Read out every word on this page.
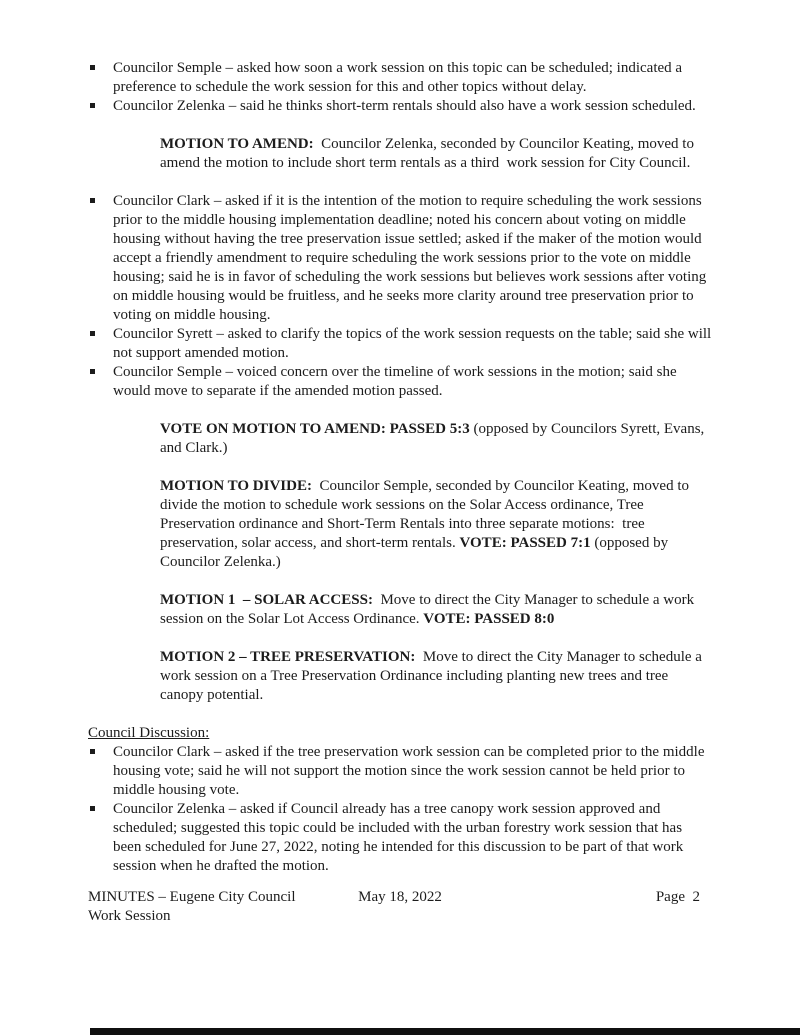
Councilor Semple – asked how soon a work session on this topic can be scheduled; indicated a preference to schedule the work session for this and other topics without delay.
Councilor Zelenka – said he thinks short-term rentals should also have a work session scheduled.
MOTION TO AMEND:  Councilor Zelenka, seconded by Councilor Keating, moved to amend the motion to include short term rentals as a third  work session for City Council.
Councilor Clark – asked if it is the intention of the motion to require scheduling the work sessions prior to the middle housing implementation deadline; noted his concern about voting on middle housing without having the tree preservation issue settled; asked if the maker of the motion would accept a friendly amendment to require scheduling the work sessions prior to the vote on middle housing; said he is in favor of scheduling the work sessions but believes work sessions after voting on middle housing would be fruitless, and he seeks more clarity around tree preservation prior to voting on middle housing.
Councilor Syrett – asked to clarify the topics of the work session requests on the table; said she will not support amended motion.
Councilor Semple – voiced concern over the timeline of work sessions in the motion; said she would move to separate if the amended motion passed.
VOTE ON MOTION TO AMEND: PASSED 5:3 (opposed by Councilors Syrett, Evans, and Clark.)
MOTION TO DIVIDE:  Councilor Semple, seconded by Councilor Keating, moved to divide the motion to schedule work sessions on the Solar Access ordinance, Tree Preservation ordinance and Short-Term Rentals into three separate motions:  tree preservation, solar access, and short-term rentals. VOTE: PASSED 7:1 (opposed by Councilor Zelenka.)
MOTION 1  – SOLAR ACCESS:  Move to direct the City Manager to schedule a work session on the Solar Lot Access Ordinance. VOTE: PASSED 8:0
MOTION 2 – TREE PRESERVATION:  Move to direct the City Manager to schedule a work session on a Tree Preservation Ordinance including planting new trees and tree canopy potential.
Council Discussion:
Councilor Clark – asked if the tree preservation work session can be completed prior to the middle housing vote; said he will not support the motion since the work session cannot be held prior to middle housing vote.
Councilor Zelenka – asked if Council already has a tree canopy work session approved and scheduled; suggested this topic could be included with the urban forestry work session that has been scheduled for June 27, 2022, noting he intended for this discussion to be part of that work session when he drafted the motion.
MINUTES – Eugene City Council
Work Session
May 18, 2022	Page  2
